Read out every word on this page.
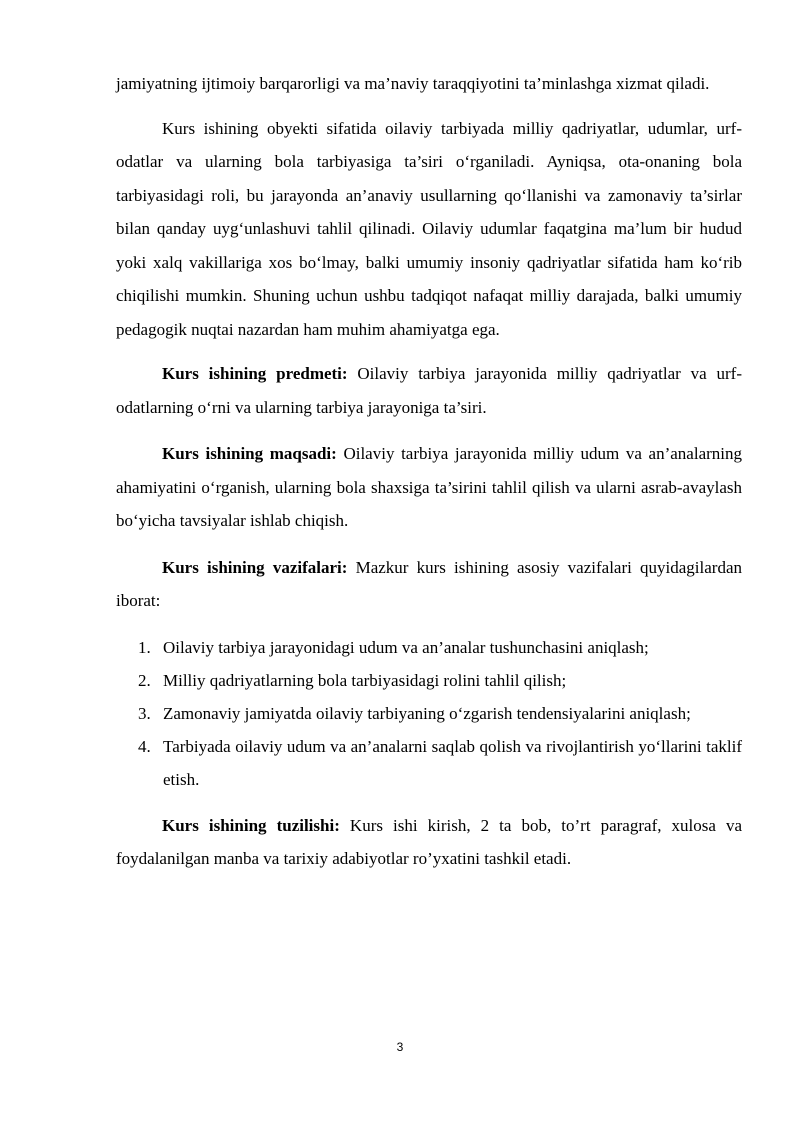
jamiyatning ijtimoiy barqarorligi va ma’naviy taraqqiyotini ta’minlashga xizmat qiladi.

Kurs ishining obyekti sifatida oilaviy tarbiyada milliy qadriyatlar, udumlar, urf-odatlar va ularning bola tarbiyasiga ta’siri o‘rganiladi. Ayniqsa, ota-onaning bola tarbiyasidagi roli, bu jarayonda an’anaviy usullarning qo‘llanishi va zamonaviy ta’sirlar bilan qanday uyg‘unlashuvi tahlil qilinadi. Oilaviy udumlar faqatgina ma’lum bir hudud yoki xalq vakillariga xos bo‘lmay, balki umumiy insoniy qadriyatlar sifatida ham ko‘rib chiqilishi mumkin. Shuning uchun ushbu tadqiqot nafaqat milliy darajada, balki umumiy pedagogik nuqtai nazardan ham muhim ahamiyatga ega.

Kurs ishining predmeti: Oilaviy tarbiya jarayonida milliy qadriyatlar va urf-odatlarning o‘rni va ularning tarbiya jarayoniga ta’siri.

Kurs ishining maqsadi: Oilaviy tarbiya jarayonida milliy udum va an’analarning ahamiyatini o‘rganish, ularning bola shaxsiga ta’sirini tahlil qilish va ularni asrab-avaylash bo‘yicha tavsiyalar ishlab chiqish.

Kurs ishining vazifalari: Mazkur kurs ishining asosiy vazifalari quyidagilardan iborat:

1. Oilaviy tarbiya jarayonidagi udum va an’analar tushunchasini aniqlash;
2. Milliy qadriyatlarning bola tarbiyasidagi rolini tahlil qilish;
3. Zamonaviy jamiyatda oilaviy tarbiyaning o‘zgarish tendensiyalarini aniqlash;
4. Tarbiyada oilaviy udum va an’analarni saqlab qolish va rivojlantirish yo‘llarini taklif etish.

Kurs ishining tuzilishi: Kurs ishi kirish, 2 ta bob, to’rt paragraf, xulosa va foydalanilgan manba va tarixiy adabiyotlar ro’yxatini tashkil etadi.

3
